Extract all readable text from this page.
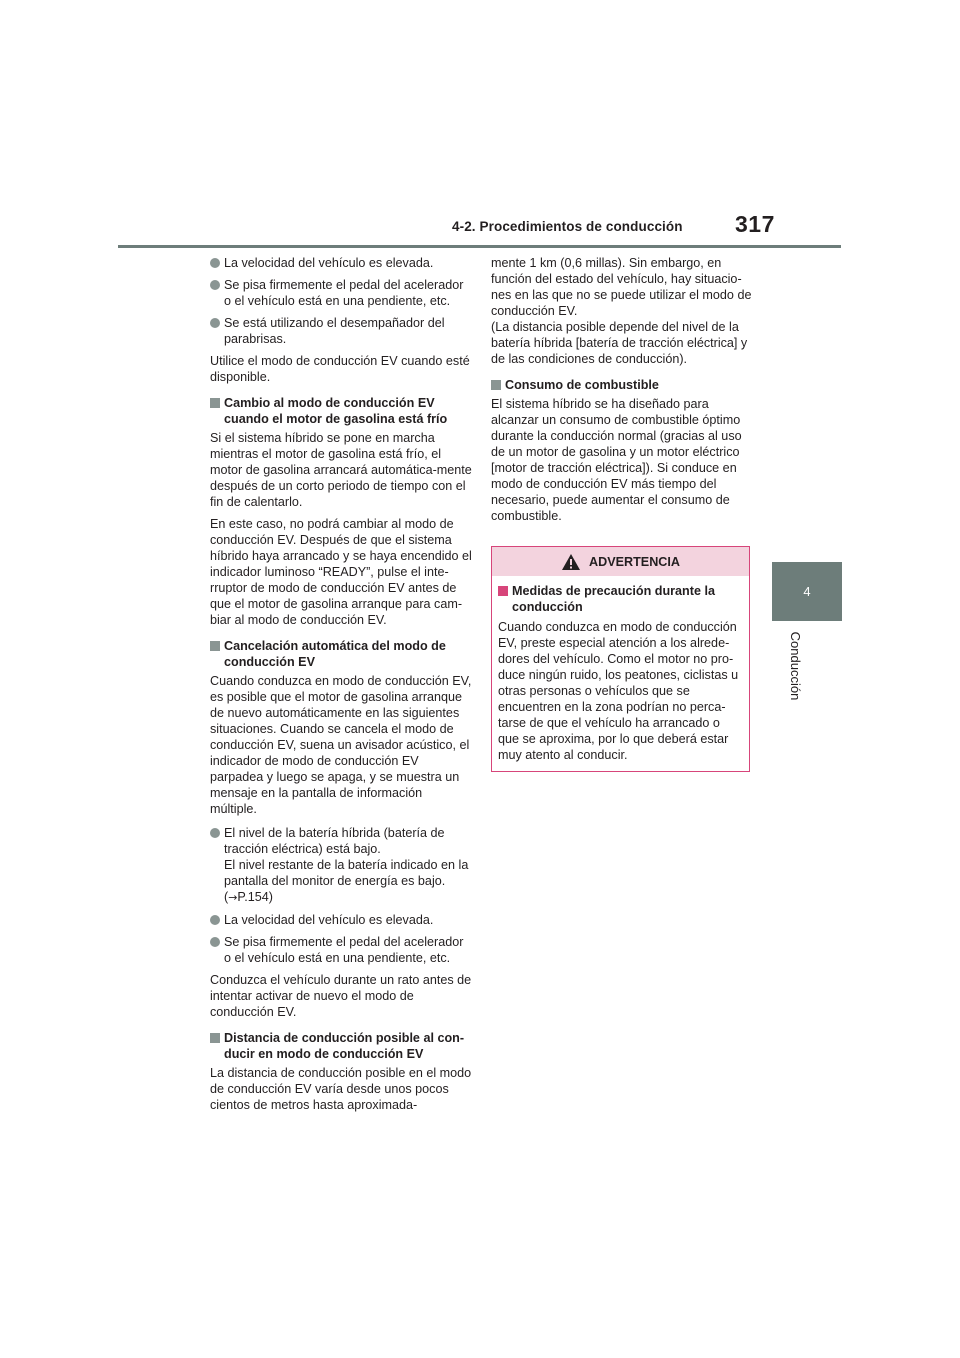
4-2. Procedimientos de conducción 317
4
Conducción
La velocidad del vehículo es elevada.
Se pisa firmemente el pedal del acelerador o el vehículo está en una pendiente, etc.
Se está utilizando el desempañador del parabrisas.

Utilice el modo de conducción EV cuando esté disponible.

Cambio al modo de conducción EV cuando el motor de gasolina está frío

Si el sistema híbrido se pone en marcha mientras el motor de gasolina está frío, el motor de gasolina arrancará automática-mente después de un corto periodo de tiempo con el fin de calentarlo.

En este caso, no podrá cambiar al modo de conducción EV. Después de que el sistema híbrido haya arrancado y se haya encendido el indicador luminoso “READY”, pulse el inte-rruptor de modo de conducción EV antes de que el motor de gasolina arranque para cam-biar al modo de conducción EV.

Cancelación automática del modo de conducción EV

Cuando conduzca en modo de conducción EV, es posible que el motor de gasolina arranque de nuevo automáticamente en las siguientes situaciones. Cuando se cancela el modo de conducción EV, suena un avisador acústico, el indicador de modo de conducción EV parpadea y luego se apaga, y se muestra un mensaje en la pantalla de información múltiple.

El nivel de la batería híbrida (batería de tracción eléctrica) está bajo.
El nivel restante de la batería indicado en la pantalla del monitor de energía es bajo.
(→P.154)
La velocidad del vehículo es elevada.
Se pisa firmemente el pedal del acelerador o el vehículo está en una pendiente, etc.

Conduzca el vehículo durante un rato antes de intentar activar de nuevo el modo de conducción EV.

Distancia de conducción posible al con-ducir en modo de conducción EV

La distancia de conducción posible en el modo de conducción EV varía desde unos pocos cientos de metros hasta aproximada-

mente 1 km (0,6 millas). Sin embargo, en función del estado del vehículo, hay situacio-nes en las que no se puede utilizar el modo de conducción EV.

(La distancia posible depende del nivel de la batería híbrida [batería de tracción eléctrica] y de las condiciones de conducción).

Consumo de combustible

El sistema híbrido se ha diseñado para alcanzar un consumo de combustible óptimo durante la conducción normal (gracias al uso de un motor de gasolina y un motor eléctrico [motor de tracción eléctrica]). Si conduce en modo de conducción EV más tiempo del necesario, puede aumentar el consumo de combustible.

ADVERTENCIA
Medidas de precaución durante la conducción

Cuando conduzca en modo de conducción EV, preste especial atención a los alrede-dores del vehículo. Como el motor no pro-duce ningún ruido, los peatones, ciclistas u otras personas o vehículos que se encuentren en la zona podrían no perca-tarse de que el vehículo ha arrancado o que se aproxima, por lo que deberá estar muy atento al conducir.
